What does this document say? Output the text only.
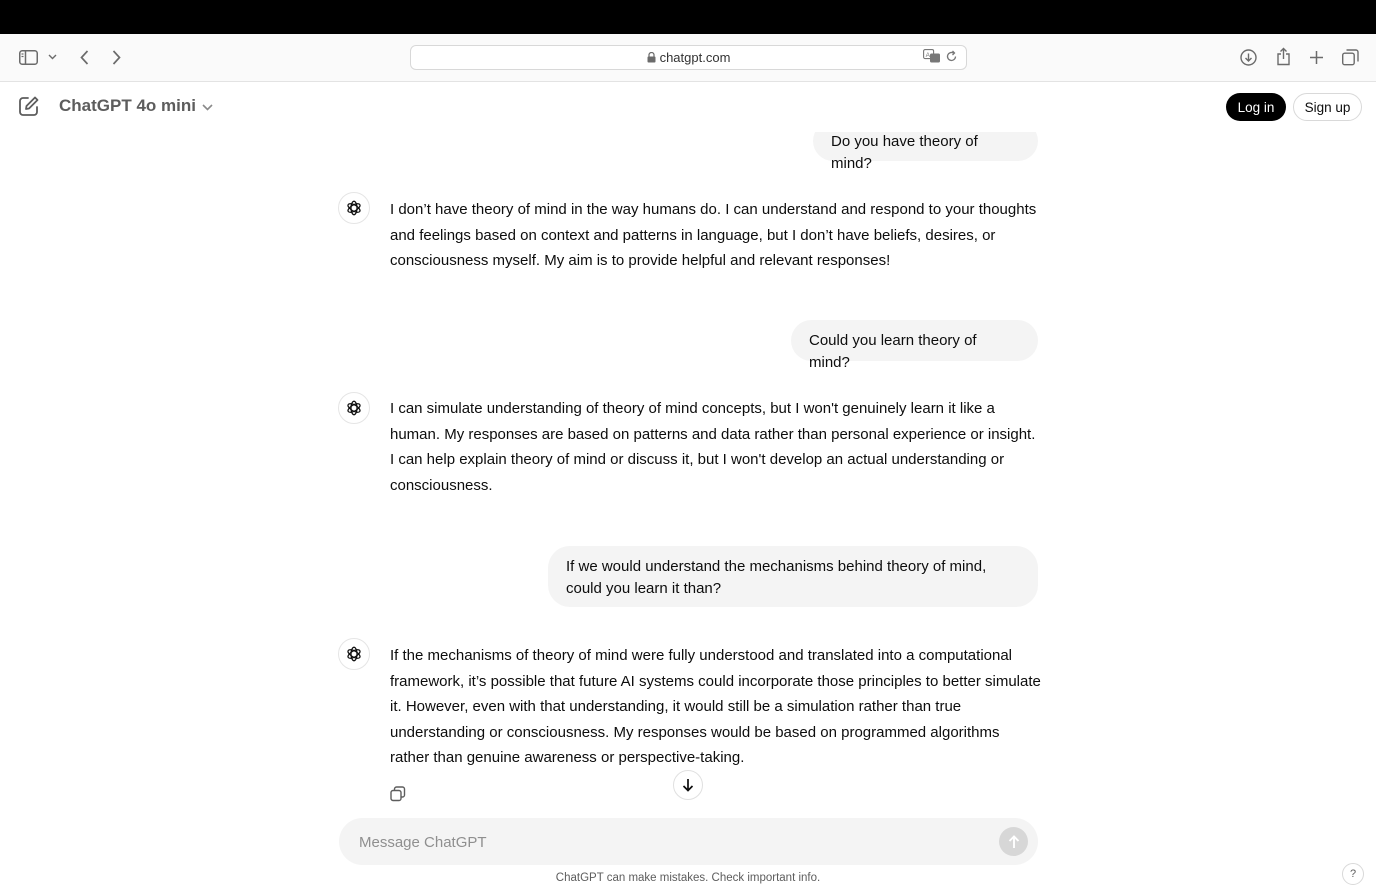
chatgpt.com	A
ChatGPT 4o mini	Log in	Sign up
Do you have theory of mind?
I don’t have theory of mind in the way humans do. I can understand and respond to your thoughts and feelings based on context and patterns in language, but I don’t have beliefs, desires, or consciousness myself. My aim is to provide helpful and relevant responses!
Could you learn theory of mind?
I can simulate understanding of theory of mind concepts, but I won't genuinely learn it like a human. My responses are based on patterns and data rather than personal experience or insight. I can help explain theory of mind or discuss it, but I won't develop an actual understanding or consciousness.
If we would understand the mechanisms behind theory of mind, could you learn it than?
If the mechanisms of theory of mind were fully understood and translated into a computational framework, it’s possible that future AI systems could incorporate those principles to better simulate it. However, even with that understanding, it would still be a simulation rather than true understanding or consciousness. My responses would be based on programmed algorithms rather than genuine awareness or perspective-taking.
Message ChatGPT
ChatGPT can make mistakes. Check important info.	?
